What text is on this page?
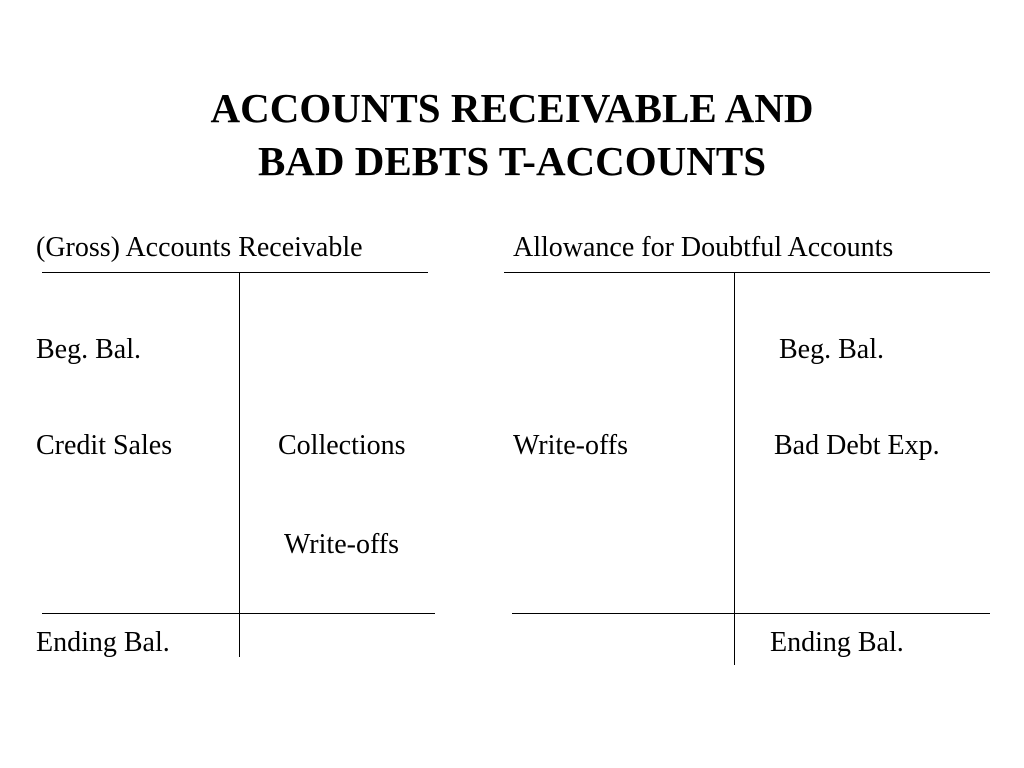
ACCOUNTS RECEIVABLE AND
BAD DEBTS T-ACCOUNTS
(Gross) Accounts Receivable
Beg. Bal.
Credit Sales	Collections
Write-offs
Ending Bal.
Allowance for Doubtful Accounts
Beg. Bal.
Write-offs	Bad Debt Exp.
Ending Bal.
